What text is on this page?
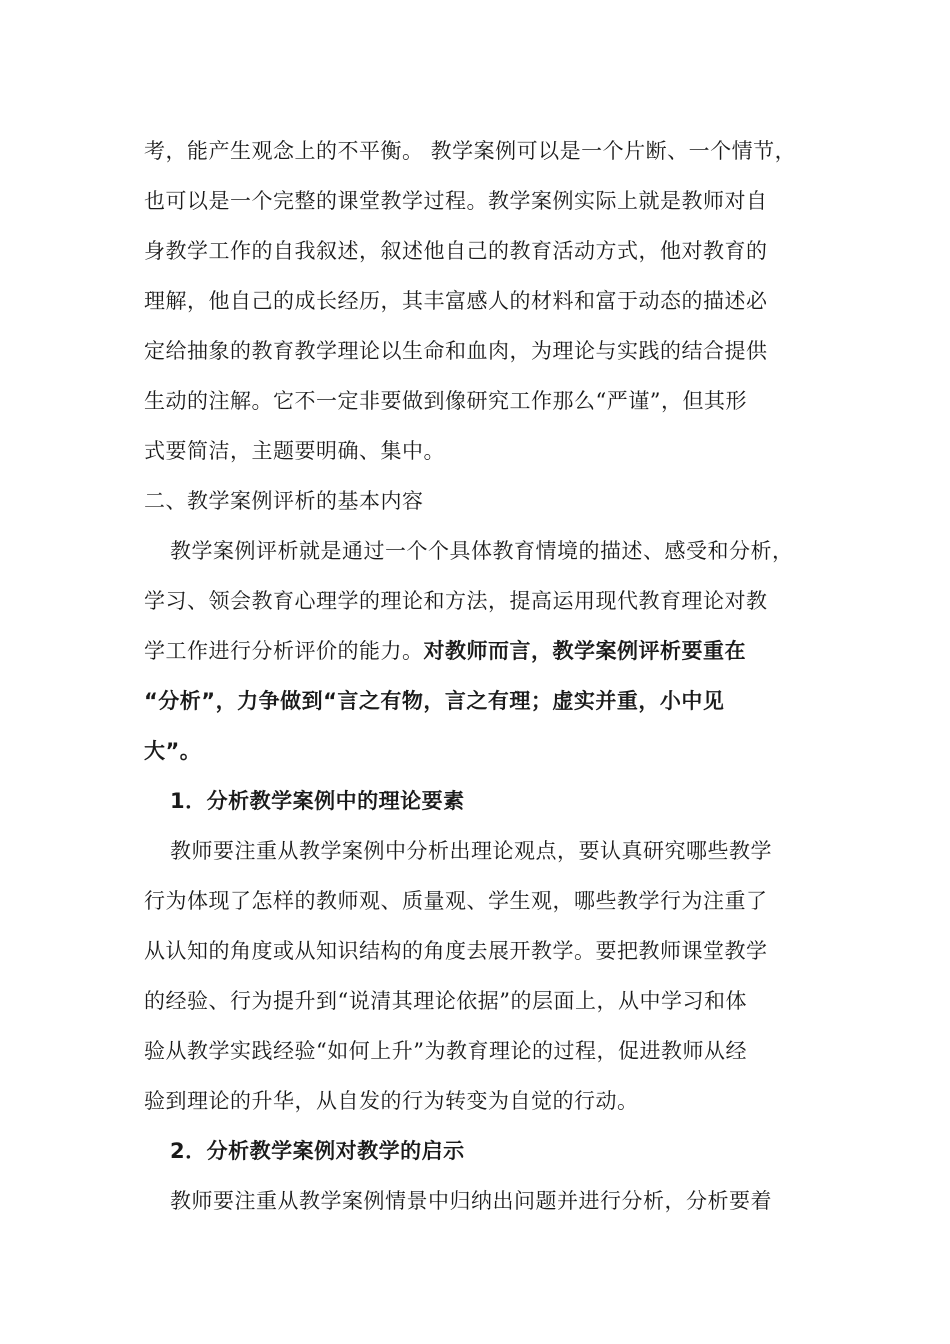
考，能产生观念上的不平衡。 教学案例可以是一个片断、一个情节，
也可以是一个完整的课堂教学过程。教学案例实际上就是教师对自
身教学工作的自我叙述，叙述他自己的教育活动方式，他对教育的
理解，他自己的成长经历，其丰富感人的材料和富于动态的描述必
定给抽象的教育教学理论以生命和血肉，为理论与实践的结合提供
生动的注解。它不一定非要做到像研究工作那么“严谨”，但其形
式要简洁，主题要明确、集中。
二、教学案例评析的基本内容
教学案例评析就是通过一个个具体教育情境的描述、感受和分析，
学习、领会教育心理学的理论和方法，提高运用现代教育理论对教
学工作进行分析评价的能力。对教师而言，教学案例评析要重在
“分析”，力争做到“言之有物，言之有理；虚实并重，小中见
大”。
1．分析教学案例中的理论要素
教师要注重从教学案例中分析出理论观点，要认真研究哪些教学
行为体现了怎样的教师观、质量观、学生观，哪些教学行为注重了
从认知的角度或从知识结构的角度去展开教学。要把教师课堂教学
的经验、行为提升到“说清其理论依据”的层面上，从中学习和体
验从教学实践经验“如何上升”为教育理论的过程，促进教师从经
验到理论的升华，从自发的行为转变为自觉的行动。
2．分析教学案例对教学的启示
教师要注重从教学案例情景中归纳出问题并进行分析，分析要着
